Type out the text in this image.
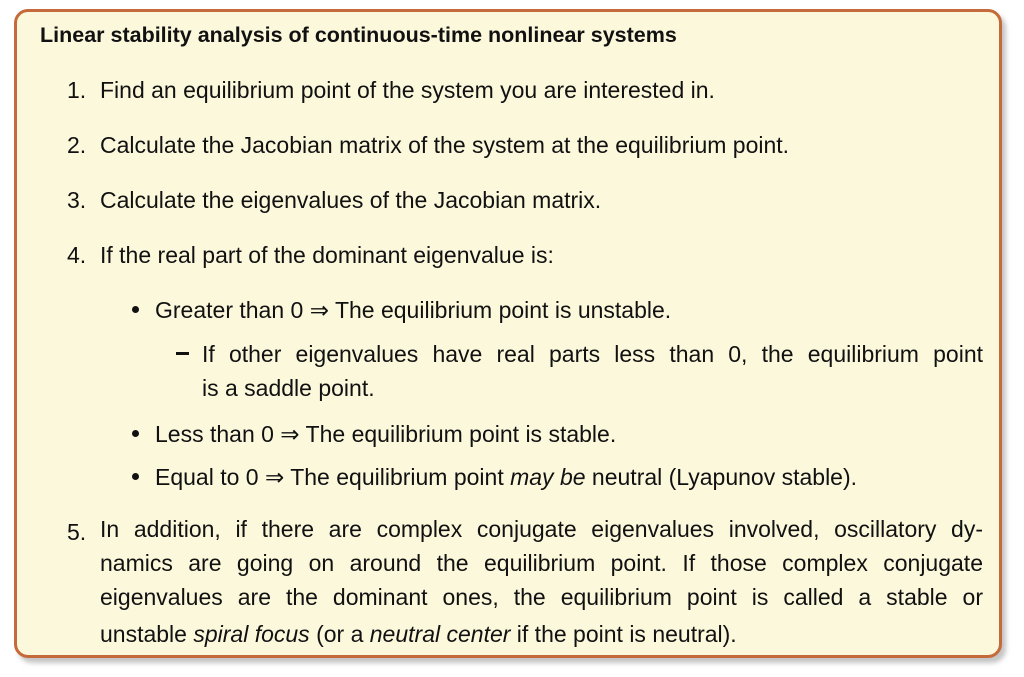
Linear stability analysis of continuous-time nonlinear systems
1. Find an equilibrium point of the system you are interested in.
2. Calculate the Jacobian matrix of the system at the equilibrium point.
3. Calculate the eigenvalues of the Jacobian matrix.
4. If the real part of the dominant eigenvalue is:
Greater than 0 ⇒ The equilibrium point is unstable.
If other eigenvalues have real parts less than 0, the equilibrium point
is a saddle point.
Less than 0 ⇒ The equilibrium point is stable.
Equal to 0 ⇒ The equilibrium point may be neutral (Lyapunov stable).
5. In addition, if there are complex conjugate eigenvalues involved, oscillatory dy-
namics are going on around the equilibrium point. If those complex conjugate
eigenvalues are the dominant ones, the equilibrium point is called a stable or
unstable spiral focus (or a neutral center if the point is neutral).
